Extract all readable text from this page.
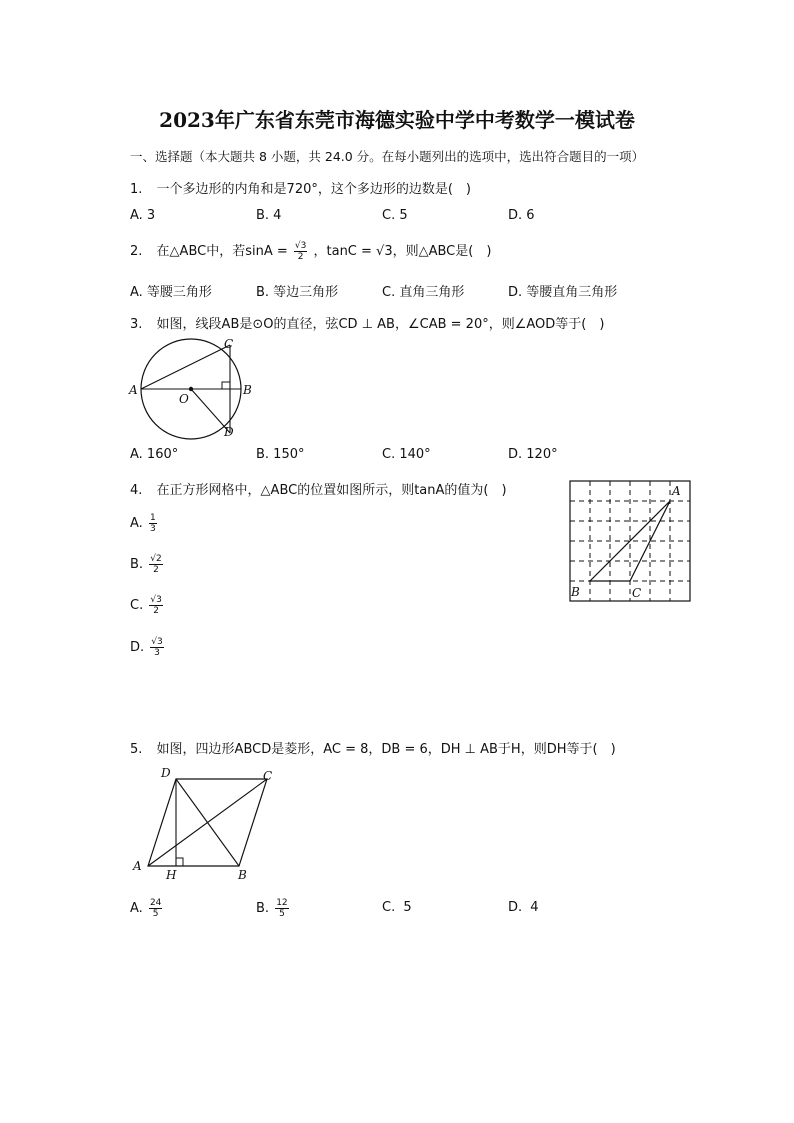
2023年广东省东莞市海德实验中学中考数学一模试卷
一、选择题（本大题共 8 小题，共 24.0 分。在每小题列出的选项中，选出符合题目的一项）
1. 一个多边形的内角和是720°，这个多边形的边数是(　)
A. 3	B. 4	C. 5	D. 6
2. 在△ABC中，若$\sin A = \frac{√3}{2}$ ，tanC = √3，则△ABC是(　)
A. 等腰三角形	B. 等边三角形	C. 直角三角形	D. 等腰直角三角形
3. 如图，线段AB是⊙O的直径，弦CD ⊥ AB，∠CAB = 20°，则∠AOD等于(　)
A	B
C
D
O
A. 160°	B. 150°	C. 140°	D. 120°
4. 在正方形网格中，△ABC的位置如图所示，则tanA的值为(　)	A
B	C
A. $\frac{1}{3}$
B. $\frac{√2}{2}$
C. $\frac{√3}{2}$
D. $\frac{√3}{3}$
5. 如图，四边形ABCD是菱形，AC = 8，DB = 6，DH ⊥ AB于H，则DH等于(　)
A
B
C
D
H
A. $\frac{24}{5}$	B. $\frac{12}{5}$	C. 5	D. 4
